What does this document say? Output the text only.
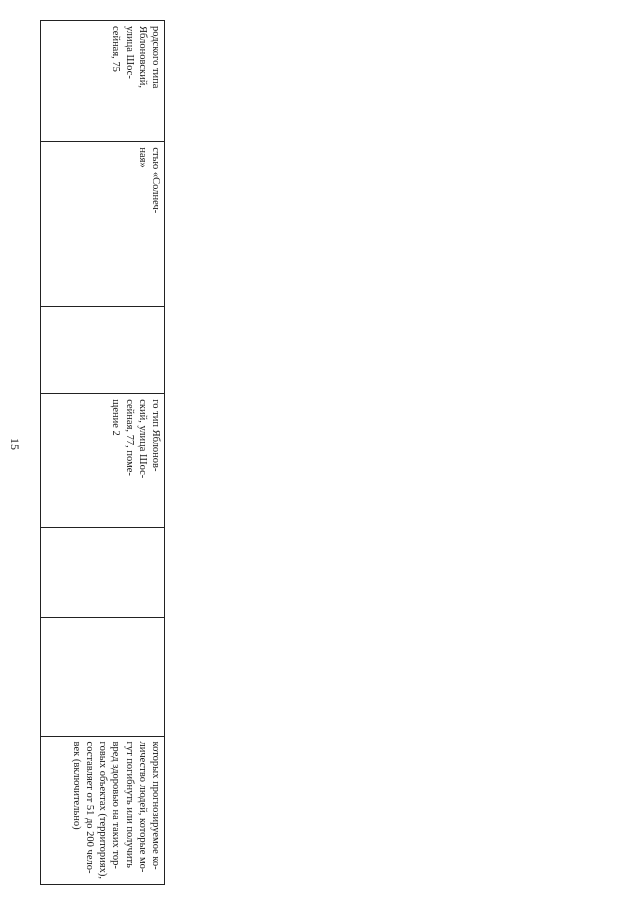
15
родского типа
Яблоновский,
улица Шос-
сейная, 75
стью «Солнеч-
ная»
го тип Яблонов-
ский, улица Шос-
сейная, 77, поме-
щение 2
которых прогнозируемое ко-
личество людей, которые мо-
гут погибнуть или получить
вред здоровью на таких тор-
говых объектах (территориях),
составляет от 51 до 200 чело-
век (включительно)
